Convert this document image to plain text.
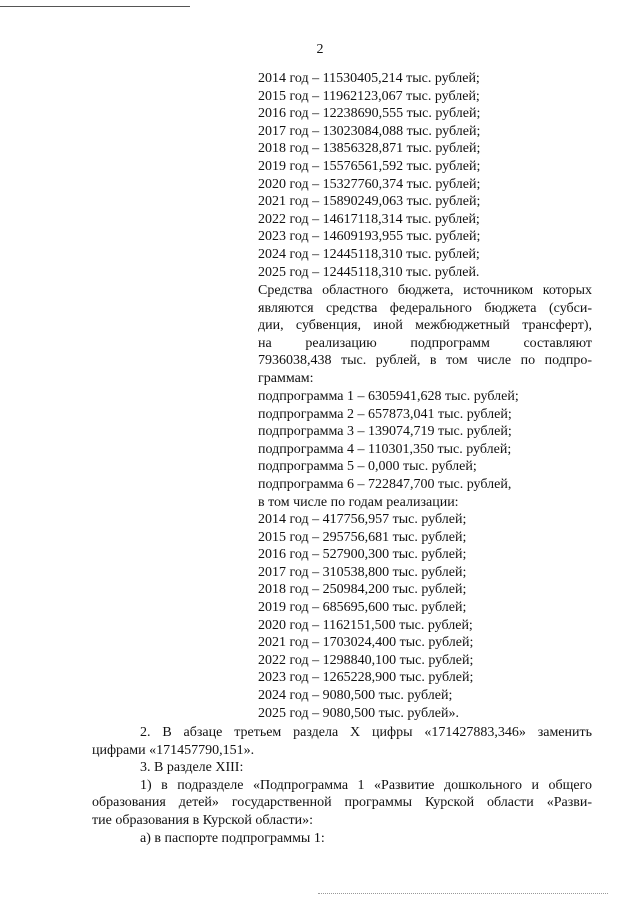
2
2014 год – 11530405,214 тыс. рублей;
2015 год – 11962123,067 тыс. рублей;
2016 год – 12238690,555 тыс. рублей;
2017 год – 13023084,088 тыс. рублей;
2018 год – 13856328,871 тыс. рублей;
2019 год – 15576561,592 тыс. рублей;
2020 год – 15327760,374 тыс. рублей;
2021 год – 15890249,063 тыс. рублей;
2022 год – 14617118,314 тыс. рублей;
2023 год – 14609193,955 тыс. рублей;
2024 год – 12445118,310 тыс. рублей;
2025 год – 12445118,310 тыс. рублей.
Средства областного бюджета, источником которых
являются средства федерального бюджета (субси-
дии, субвенция, иной межбюджетный трансферт),
на реализацию подпрограмм составляют
7936038,438 тыс. рублей, в том числе по подпро-
граммам:
подпрограмма 1 – 6305941,628 тыс. рублей;
подпрограмма 2 – 657873,041 тыс. рублей;
подпрограмма 3 – 139074,719 тыс. рублей;
подпрограмма 4 – 110301,350 тыс. рублей;
подпрограмма 5 – 0,000 тыс. рублей;
подпрограмма 6 – 722847,700 тыс. рублей,
в том числе по годам реализации:
2014 год – 417756,957 тыс. рублей;
2015 год – 295756,681 тыс. рублей;
2016 год – 527900,300 тыс. рублей;
2017 год – 310538,800 тыс. рублей;
2018 год – 250984,200 тыс. рублей;
2019 год – 685695,600 тыс. рублей;
2020 год – 1162151,500 тыс. рублей;
2021 год – 1703024,400 тыс. рублей;
2022 год – 1298840,100 тыс. рублей;
2023 год – 1265228,900 тыс. рублей;
2024 год – 9080,500 тыс. рублей;
2025 год – 9080,500 тыс. рублей».
2. В абзаце третьем раздела X цифры «171427883,346» заменить
цифрами «171457790,151».
3. В разделе XIII:
1) в подразделе «Подпрограмма 1 «Развитие дошкольного и общего
образования детей» государственной программы Курской области «Разви-
тие образования в Курской области»:
а) в паспорте подпрограммы 1:
